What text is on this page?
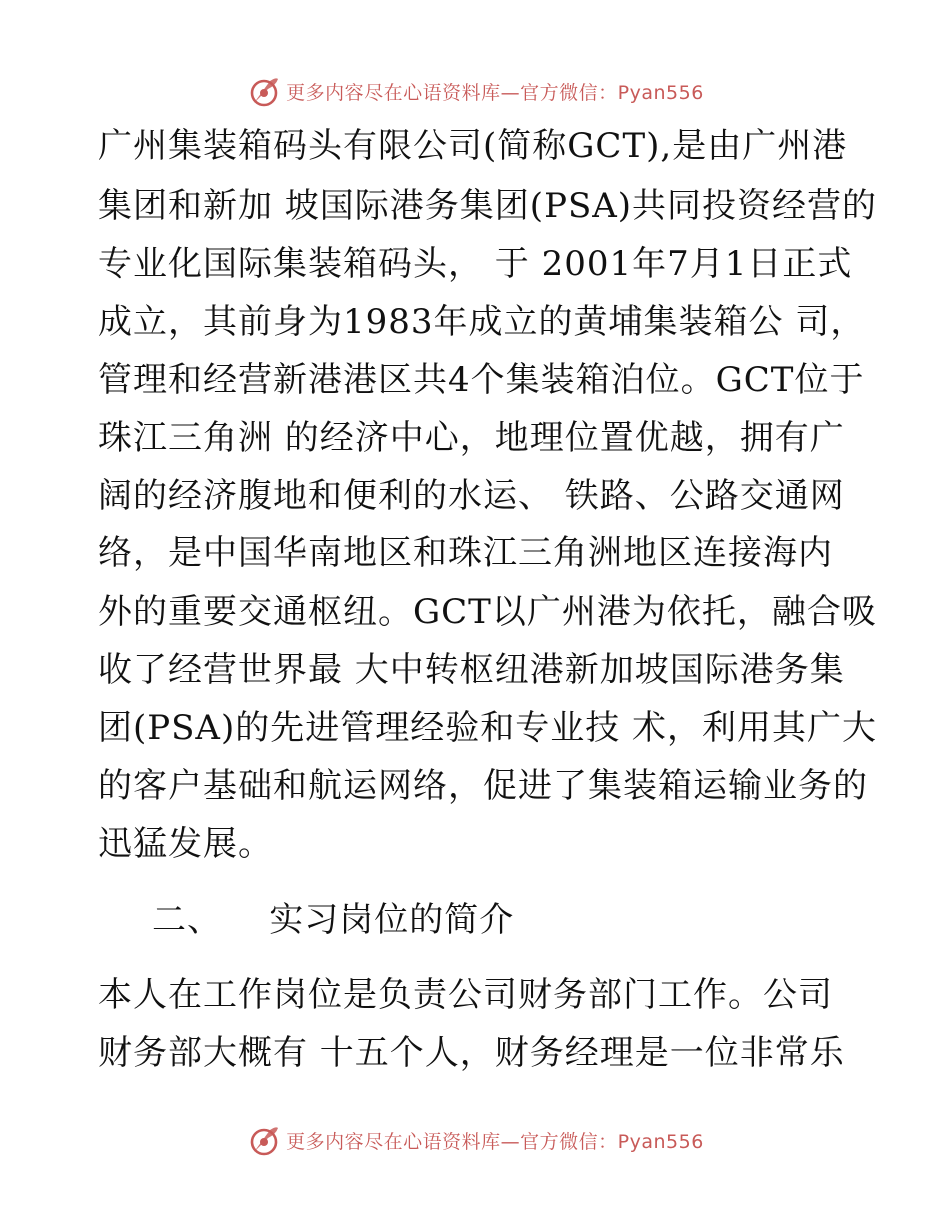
更多内容尽在心语资料库—官方微信：Pyan556
广州集装箱码头有限公司(简称GCT),是由广州港
集团和新加 坡国际港务集团(PSA)共同投资经营的
专业化国际集装箱码头， 于 2001年7月1日正式
成立，其前身为1983年成立的黄埔集装箱公 司，
管理和经营新港港区共4个集装箱泊位。GCT位于
珠江三角洲 的经济中心，地理位置优越，拥有广
阔的经济腹地和便利的水运、 铁路、公路交通网
络，是中国华南地区和珠江三角洲地区连接海内
外的重要交通枢纽。GCT以广州港为依托，融合吸
收了经营世界最 大中转枢纽港新加坡国际港务集
团(PSA)的先进管理经验和专业技 术，利用其广大
的客户基础和航运网络，促进了集装箱运输业务的
迅猛发展。
二、    实习岗位的简介
本人在工作岗位是负责公司财务部门工作。公司
财务部大概有 十五个人，财务经理是一位非常乐
更多内容尽在心语资料库—官方微信：Pyan556
